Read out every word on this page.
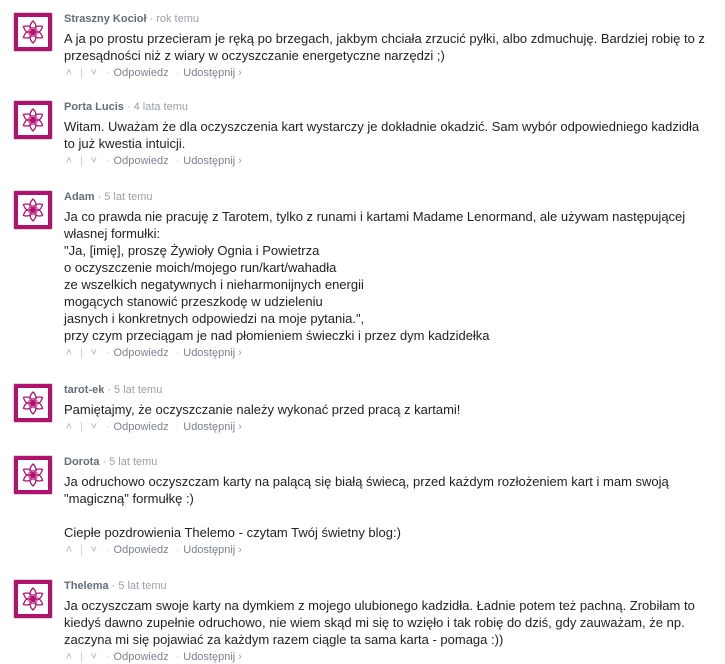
Straszny Kocioł · rok temu
A ja po prostu przecieram je ręką po brzegach, jakbym chciała zrzucić pyłki, albo zdmuchuję. Bardziej robię to z
przesądności niż z wiary w oczyszczanie energetyczne narzędzi ;)
˄ | ˅ · Odpowiedz · Udostępnij ›
Porta Lucis · 4 lata temu
Witam. Uważam że dla oczyszczenia kart wystarczy je dokładnie okadzić. Sam wybór odpowiedniego kadzidła
to już kwestia intuicji.
˄ | ˅ · Odpowiedz · Udostępnij ›
Adam · 5 lat temu
Ja co prawda nie pracuję z Tarotem, tylko z runami i kartami Madame Lenormand, ale używam następującej
własnej formułki:
"Ja, [imię], proszę Żywioły Ognia i Powietrza
o oczyszczenie moich/mojego run/kart/wahadła
ze wszelkich negatywnych i nieharmonijnych energii
mogących stanowić przeszkodę w udzieleniu
jasnych i konkretnych odpowiedzi na moje pytania.",
przy czym przeciągam je nad płomieniem świeczki i przez dym kadzidełka
˄ | ˅ · Odpowiedz · Udostępnij ›
tarot-ek · 5 lat temu
Pamiętajmy, że oczyszczanie należy wykonać przed pracą z kartami!
˄ | ˅ · Odpowiedz · Udostępnij ›
Dorota · 5 lat temu
Ja odruchowo oczyszczam karty na palącą się białą świecą, przed każdym rozłożeniem kart i mam swoją
"magiczną" formułkę :)

Ciepłe pozdrowienia Thelemo - czytam Twój świetny blog:)
˄ | ˅ · Odpowiedz · Udostępnij ›
Thelema · 5 lat temu
Ja oczyszczam swoje karty na dymkiem z mojego ulubionego kadzidła. Ładnie potem też pachną. Zrobiłam to
kiedyś dawno zupełnie odruchowo, nie wiem skąd mi się to wzięło i tak robię do dziś, gdy zauważam, że np.
zaczyna mi się pojawiać za każdym razem ciągle ta sama karta - pomaga :))
˄ | ˅ · Odpowiedz · Udostępnij ›
